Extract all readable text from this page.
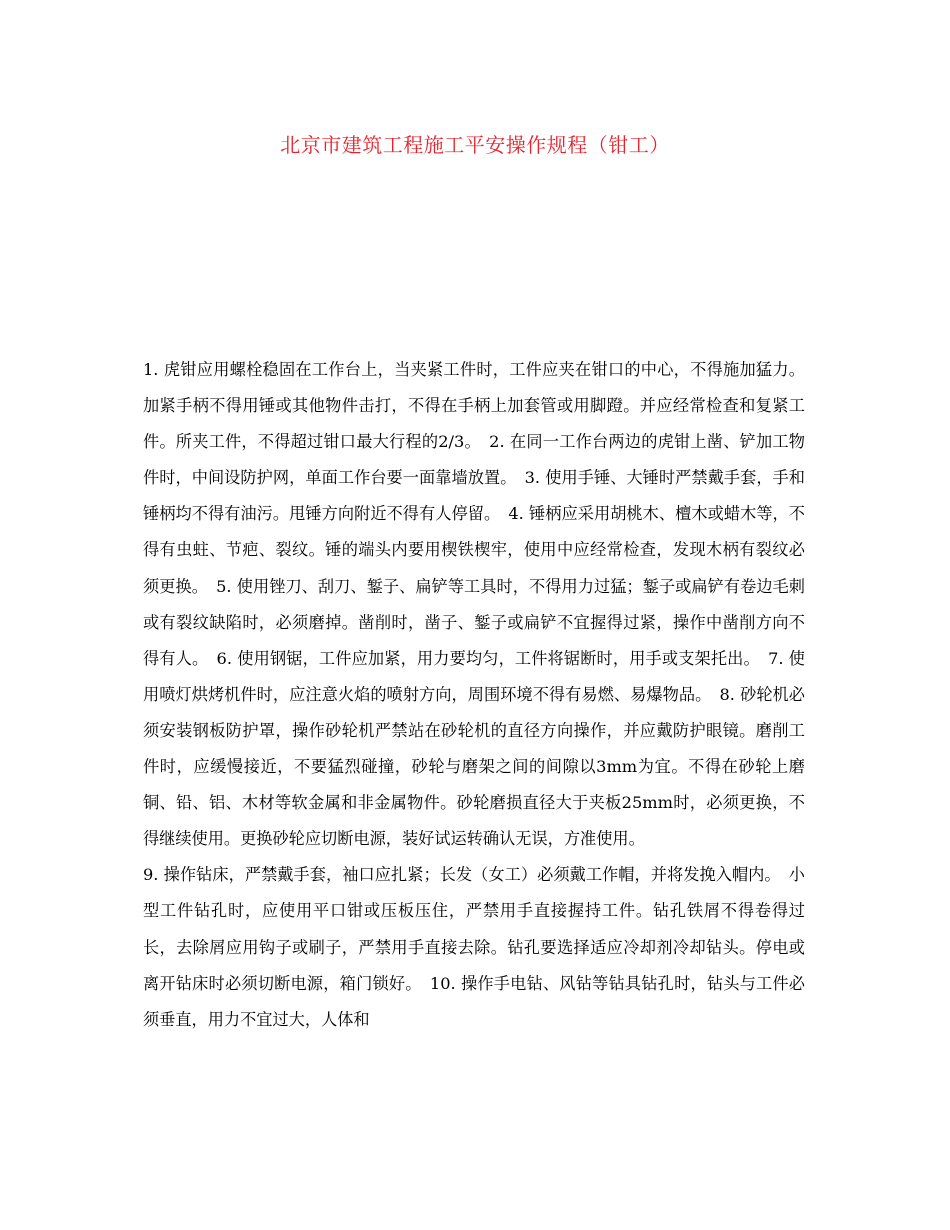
北京市建筑工程施工平安操作规程（钳工）

1. 虎钳应用螺栓稳固在工作台上，当夹紧工件时，工件应夹在钳口的中心，不得施加猛力。加紧手柄不得用锤或其他物件击打，不得在手柄上加套管或用脚蹬。并应经常检查和复紧工件。所夹工件，不得超过钳口最大行程的2/3。　2. 在同一工作台两边的虎钳上凿、铲加工物件时，中间设防护网，单面工作台要一面靠墙放置。　3. 使用手锤、大锤时严禁戴手套，手和锤柄均不得有油污。甩锤方向附近不得有人停留。　4. 锤柄应采用胡桃木、檀木或蜡木等，不得有虫蛀、节疤、裂纹。锤的端头内要用楔铁楔牢，使用中应经常检查，发现木柄有裂纹必须更换。　5. 使用锉刀、刮刀、錾子、扁铲等工具时，不得用力过猛；錾子或扁铲有卷边毛刺或有裂纹缺陷时，必须磨掉。凿削时，凿子、錾子或扁铲不宜握得过紧，操作中凿削方向不得有人。　6. 使用钢锯，工件应加紧，用力要均匀，工件将锯断时，用手或支架托出。　7. 使用喷灯烘烤机件时，应注意火焰的喷射方向，周围环境不得有易燃、易爆物品。　8. 砂轮机必须安装钢板防护罩，操作砂轮机严禁站在砂轮机的直径方向操作，并应戴防护眼镜。磨削工件时，应缓慢接近，不要猛烈碰撞，砂轮与磨架之间的间隙以3mm为宜。不得在砂轮上磨铜、铅、铝、木材等软金属和非金属物件。砂轮磨损直径大于夹板25mm时，必须更换，不得继续使用。更换砂轮应切断电源，装好试运转确认无误，方准使用。

9. 操作钻床，严禁戴手套，袖口应扎紧；长发（女工）必须戴工作帽，并将发挽入帽内。　小型工件钻孔时，应使用平口钳或压板压住，严禁用手直接握持工件。钻孔铁屑不得卷得过长，去除屑应用钩子或刷子，严禁用手直接去除。钻孔要选择适应冷却剂冷却钻头。停电或离开钻床时必须切断电源，箱门锁好。　10. 操作手电钻、风钻等钻具钻孔时，钻头与工件必须垂直，用力不宜过大，人体和
